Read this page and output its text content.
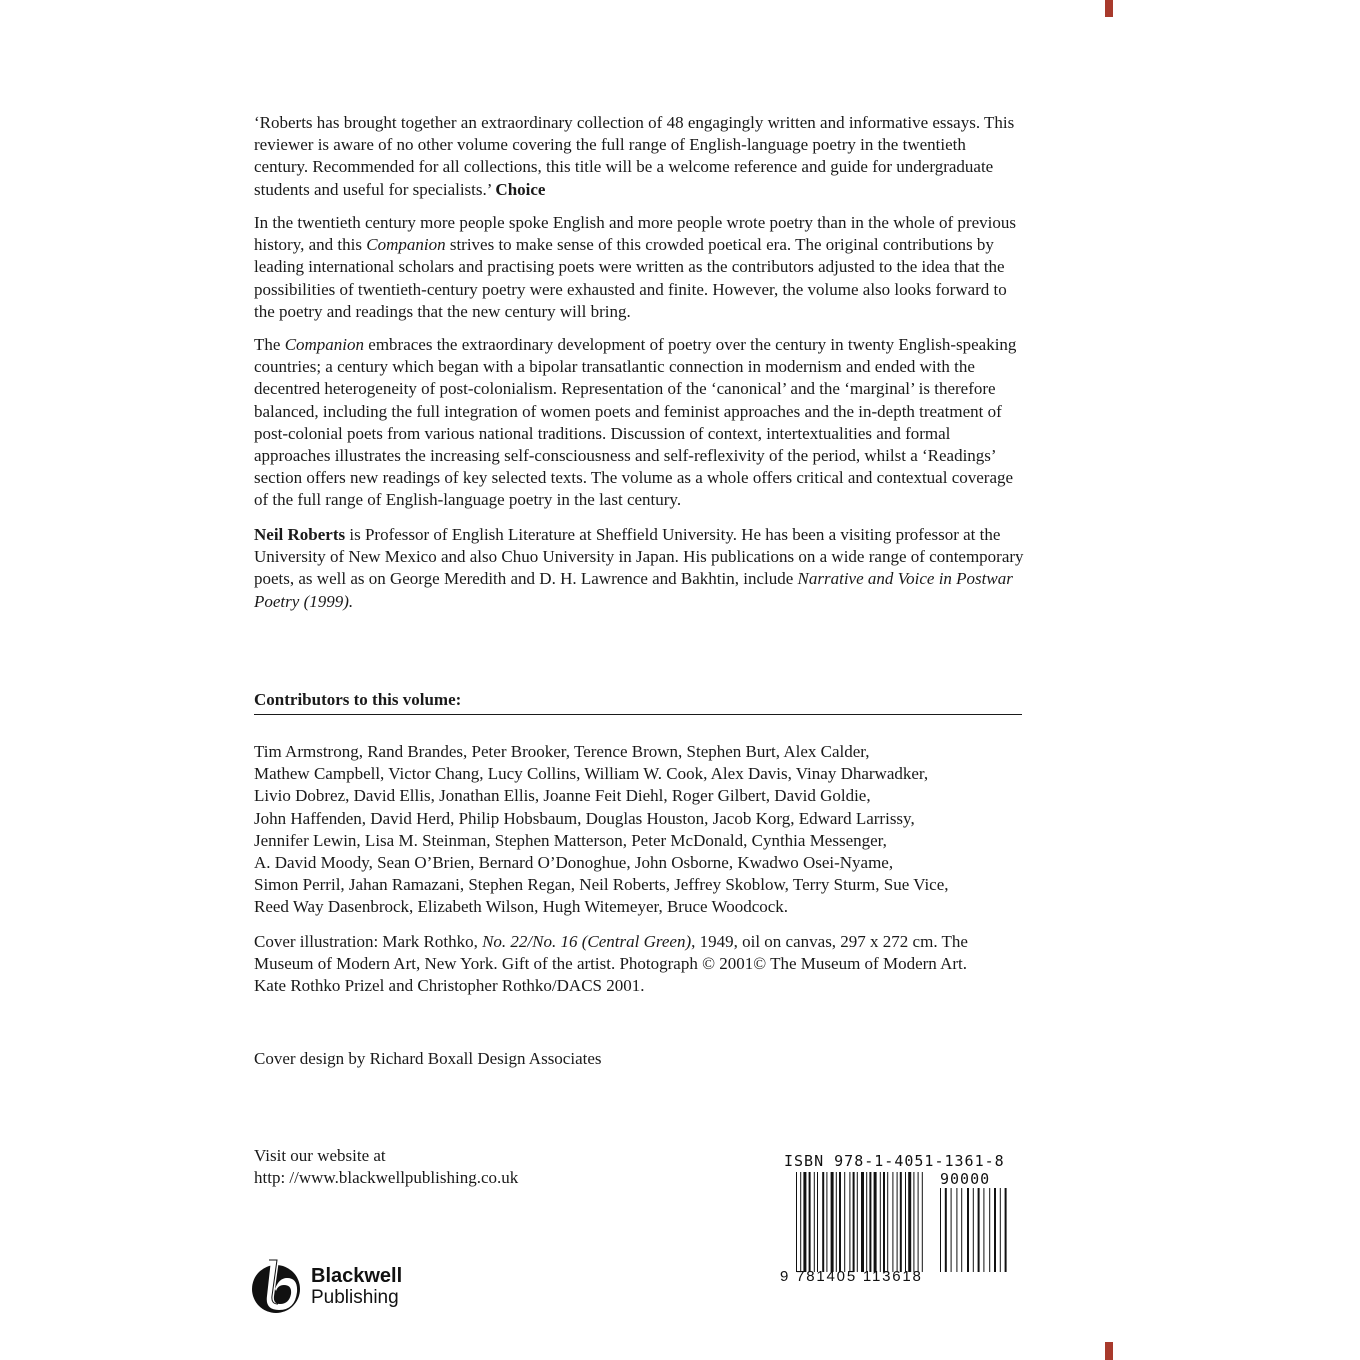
‘Roberts has brought together an extraordinary collection of 48 engagingly written and informative essays. This reviewer is aware of no other volume covering the full range of English-language poetry in the twentieth century. Recommended for all collections, this title will be a welcome reference and guide for undergraduate students and useful for specialists.’ Choice

In the twentieth century more people spoke English and more people wrote poetry than in the whole of previous history, and this Companion strives to make sense of this crowded poetical era. The original contributions by leading international scholars and practising poets were written as the contributors adjusted to the idea that the possibilities of twentieth-century poetry were exhausted and finite. However, the volume also looks forward to the poetry and readings that the new century will bring.

The Companion embraces the extraordinary development of poetry over the century in twenty English-speaking countries; a century which began with a bipolar transatlantic connection in modernism and ended with the decentred heterogeneity of post-colonialism. Representation of the ‘canonical’ and the ‘marginal’ is therefore balanced, including the full integration of women poets and feminist approaches and the in-depth treatment of post-colonial poets from various national traditions. Discussion of context, intertextualities and formal approaches illustrates the increasing self-consciousness and self-reflexivity of the period, whilst a ‘Readings’ section offers new readings of key selected texts. The volume as a whole offers critical and contextual coverage of the full range of English-language poetry in the last century.

Neil Roberts is Professor of English Literature at Sheffield University. He has been a visiting professor at the University of New Mexico and also Chuo University in Japan. His publications on a wide range of contemporary poets, as well as on George Meredith and D. H. Lawrence and Bakhtin, include Narrative and Voice in Postwar Poetry (1999).

Contributors to this volume:
Tim Armstrong, Rand Brandes, Peter Brooker, Terence Brown, Stephen Burt, Alex Calder,
Mathew Campbell, Victor Chang, Lucy Collins, William W. Cook, Alex Davis, Vinay Dharwadker,
Livio Dobrez, David Ellis, Jonathan Ellis, Joanne Feit Diehl, Roger Gilbert, David Goldie,
John Haffenden, David Herd, Philip Hobsbaum, Douglas Houston, Jacob Korg, Edward Larrissy,
Jennifer Lewin, Lisa M. Steinman, Stephen Matterson, Peter McDonald, Cynthia Messenger,
A. David Moody, Sean O’Brien, Bernard O’Donoghue, John Osborne, Kwadwo Osei-Nyame,
Simon Perril, Jahan Ramazani, Stephen Regan, Neil Roberts, Jeffrey Skoblow, Terry Sturm, Sue Vice,
Reed Way Dasenbrock, Elizabeth Wilson, Hugh Witemeyer, Bruce Woodcock.

Cover illustration: Mark Rothko, No. 22/No. 16 (Central Green), 1949, oil on canvas, 297 x 272 cm. The Museum of Modern Art, New York. Gift of the artist. Photograph © 2001© The Museum of Modern Art. Kate Rothko Prizel and Christopher Rothko/DACS 2001.

Cover design by Richard Boxall Design Associates
Visit our website at
http: //www.blackwellpublishing.co.uk
ISBN 978-1-4051-1361-8
90000
9 781405 113618
Blackwell
Publishing
